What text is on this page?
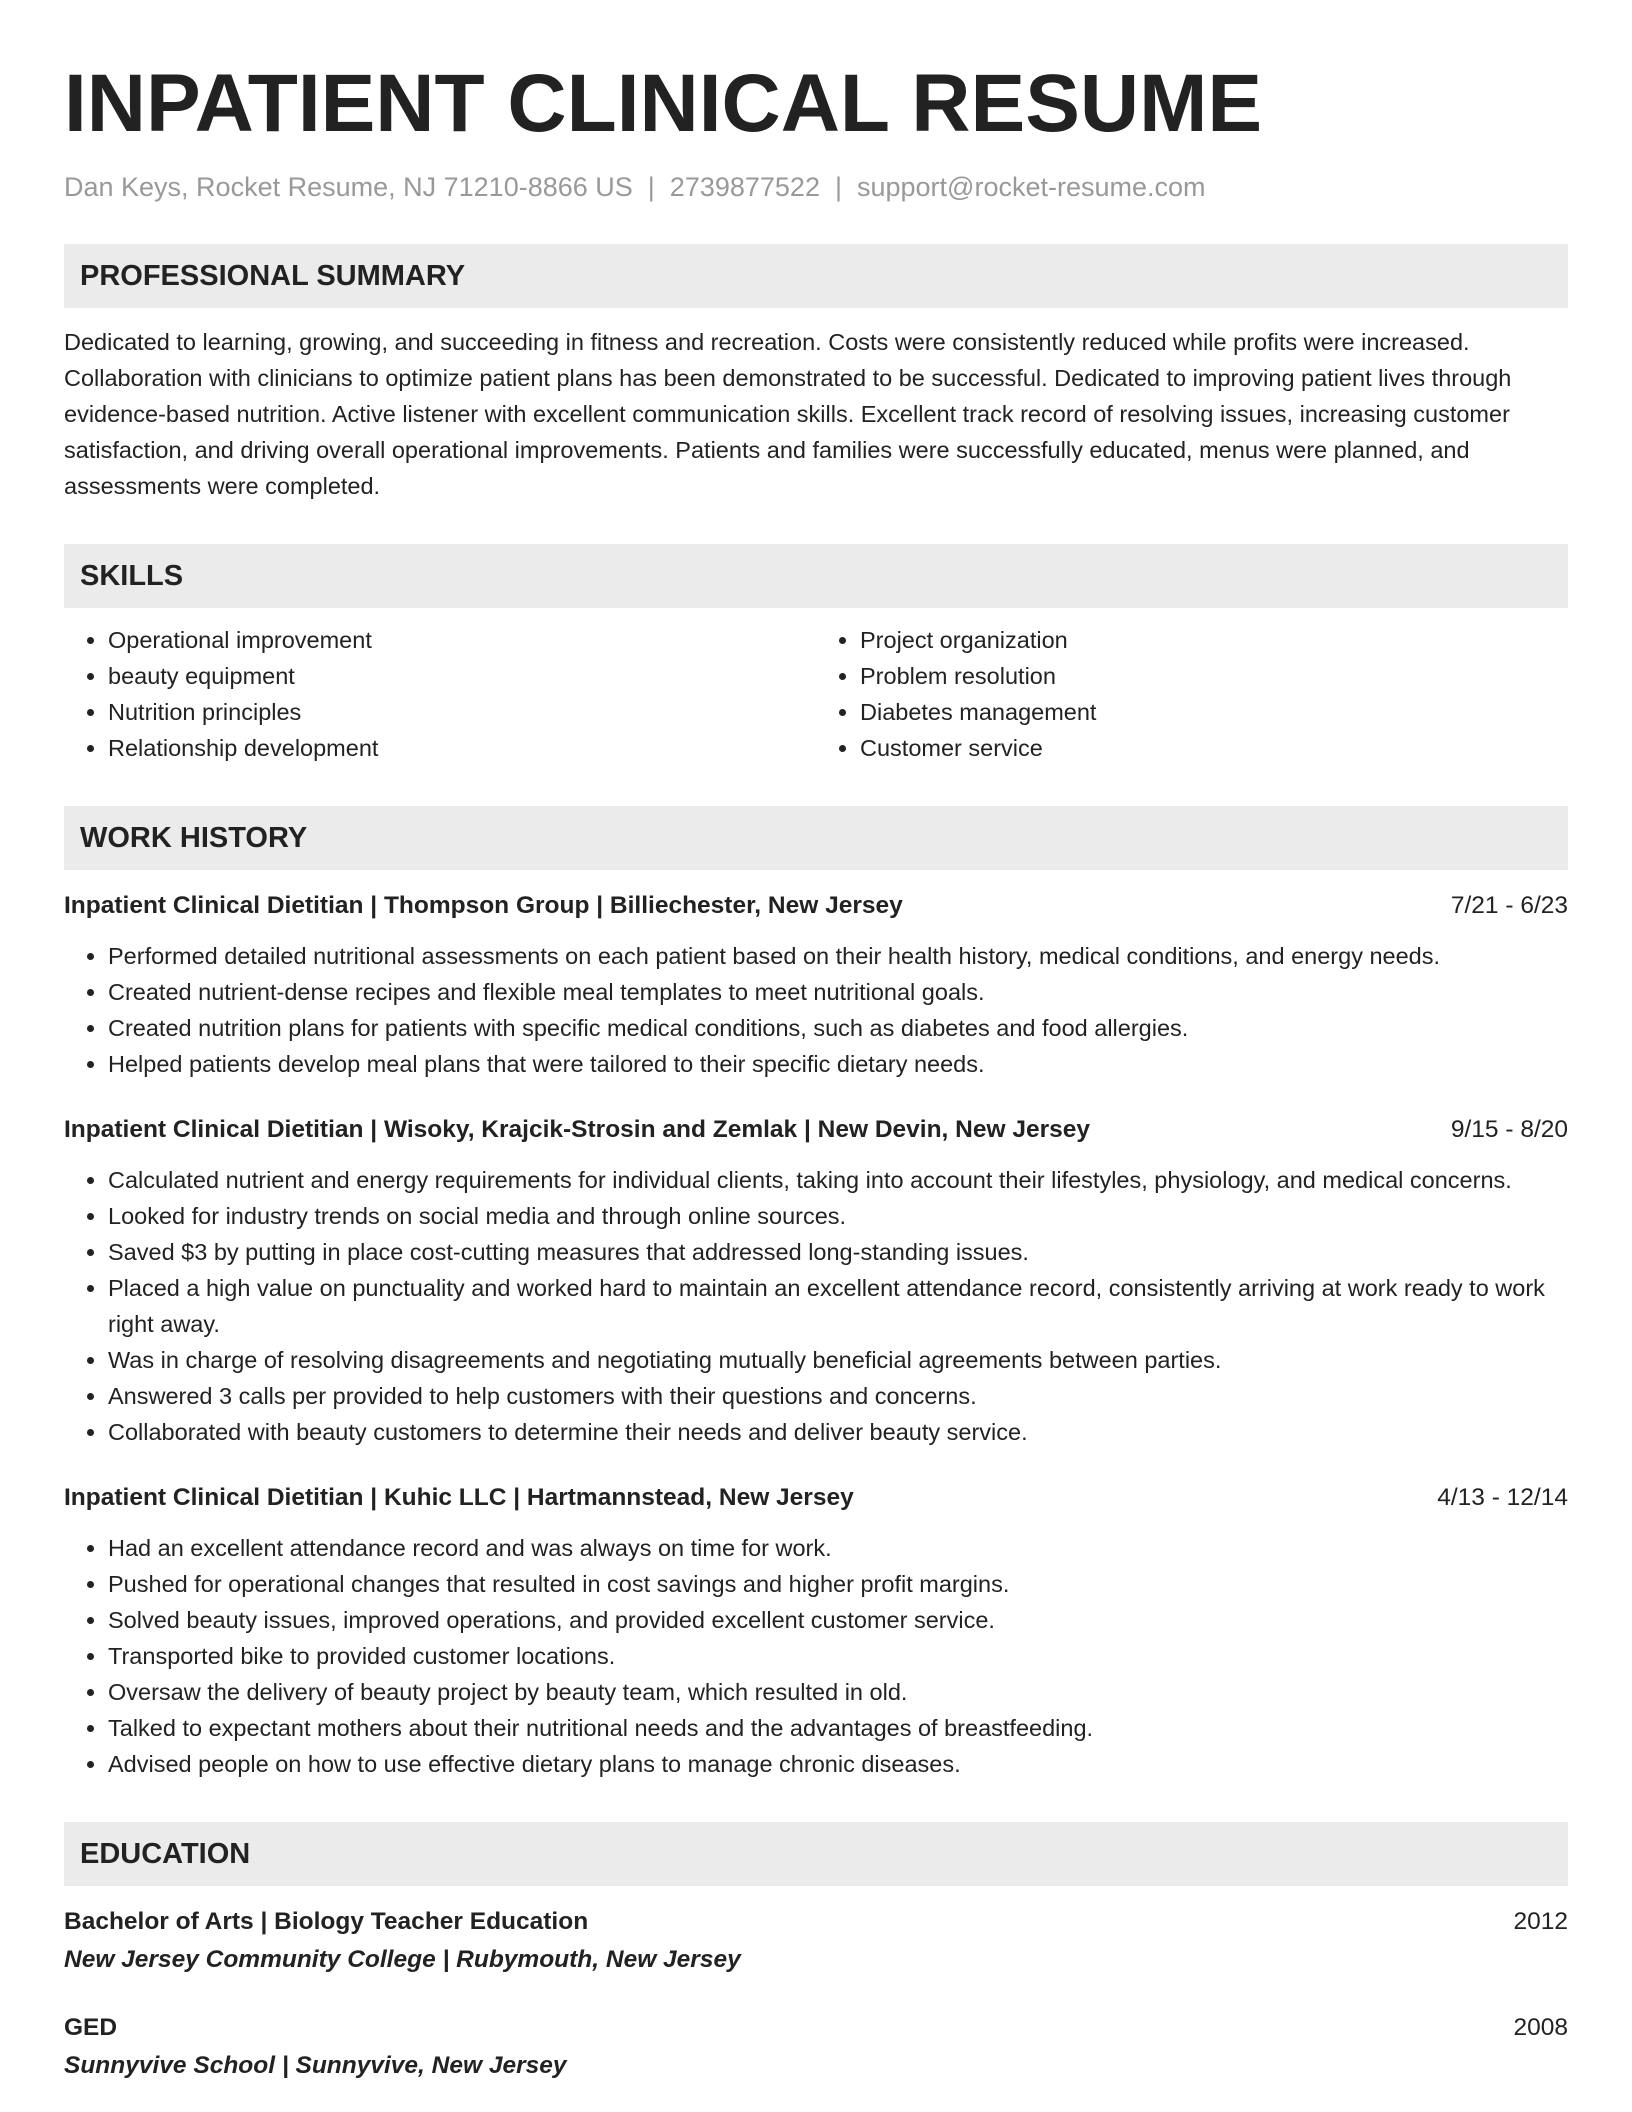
INPATIENT CLINICAL RESUME
Dan Keys, Rocket Resume, NJ 71210-8866 US | 2739877522 | support@rocket-resume.com
PROFESSIONAL SUMMARY
Dedicated to learning, growing, and succeeding in fitness and recreation. Costs were consistently reduced while profits were increased. Collaboration with clinicians to optimize patient plans has been demonstrated to be successful. Dedicated to improving patient lives through evidence-based nutrition. Active listener with excellent communication skills. Excellent track record of resolving issues, increasing customer satisfaction, and driving overall operational improvements. Patients and families were successfully educated, menus were planned, and assessments were completed.
SKILLS
• Operational improvement
• beauty equipment
• Nutrition principles
• Relationship development
• Project organization
• Problem resolution
• Diabetes management
• Customer service
WORK HISTORY
Inpatient Clinical Dietitian | Thompson Group | Billiechester, New Jersey	7/21 - 6/23
• Performed detailed nutritional assessments on each patient based on their health history, medical conditions, and energy needs.
• Created nutrient-dense recipes and flexible meal templates to meet nutritional goals.
• Created nutrition plans for patients with specific medical conditions, such as diabetes and food allergies.
• Helped patients develop meal plans that were tailored to their specific dietary needs.
Inpatient Clinical Dietitian | Wisoky, Krajcik-Strosin and Zemlak | New Devin, New Jersey	9/15 - 8/20
• Calculated nutrient and energy requirements for individual clients, taking into account their lifestyles, physiology, and medical concerns.
• Looked for industry trends on social media and through online sources.
• Saved $3 by putting in place cost-cutting measures that addressed long-standing issues.
• Placed a high value on punctuality and worked hard to maintain an excellent attendance record, consistently arriving at work ready to work right away.
• Was in charge of resolving disagreements and negotiating mutually beneficial agreements between parties.
• Answered 3 calls per provided to help customers with their questions and concerns.
• Collaborated with beauty customers to determine their needs and deliver beauty service.
Inpatient Clinical Dietitian | Kuhic LLC | Hartmannstead, New Jersey	4/13 - 12/14
• Had an excellent attendance record and was always on time for work.
• Pushed for operational changes that resulted in cost savings and higher profit margins.
• Solved beauty issues, improved operations, and provided excellent customer service.
• Transported bike to provided customer locations.
• Oversaw the delivery of beauty project by beauty team, which resulted in old.
• Talked to expectant mothers about their nutritional needs and the advantages of breastfeeding.
• Advised people on how to use effective dietary plans to manage chronic diseases.
EDUCATION
Bachelor of Arts | Biology Teacher Education	2012
New Jersey Community College | Rubymouth, New Jersey
GED	2008
Sunnyvive School | Sunnyvive, New Jersey
